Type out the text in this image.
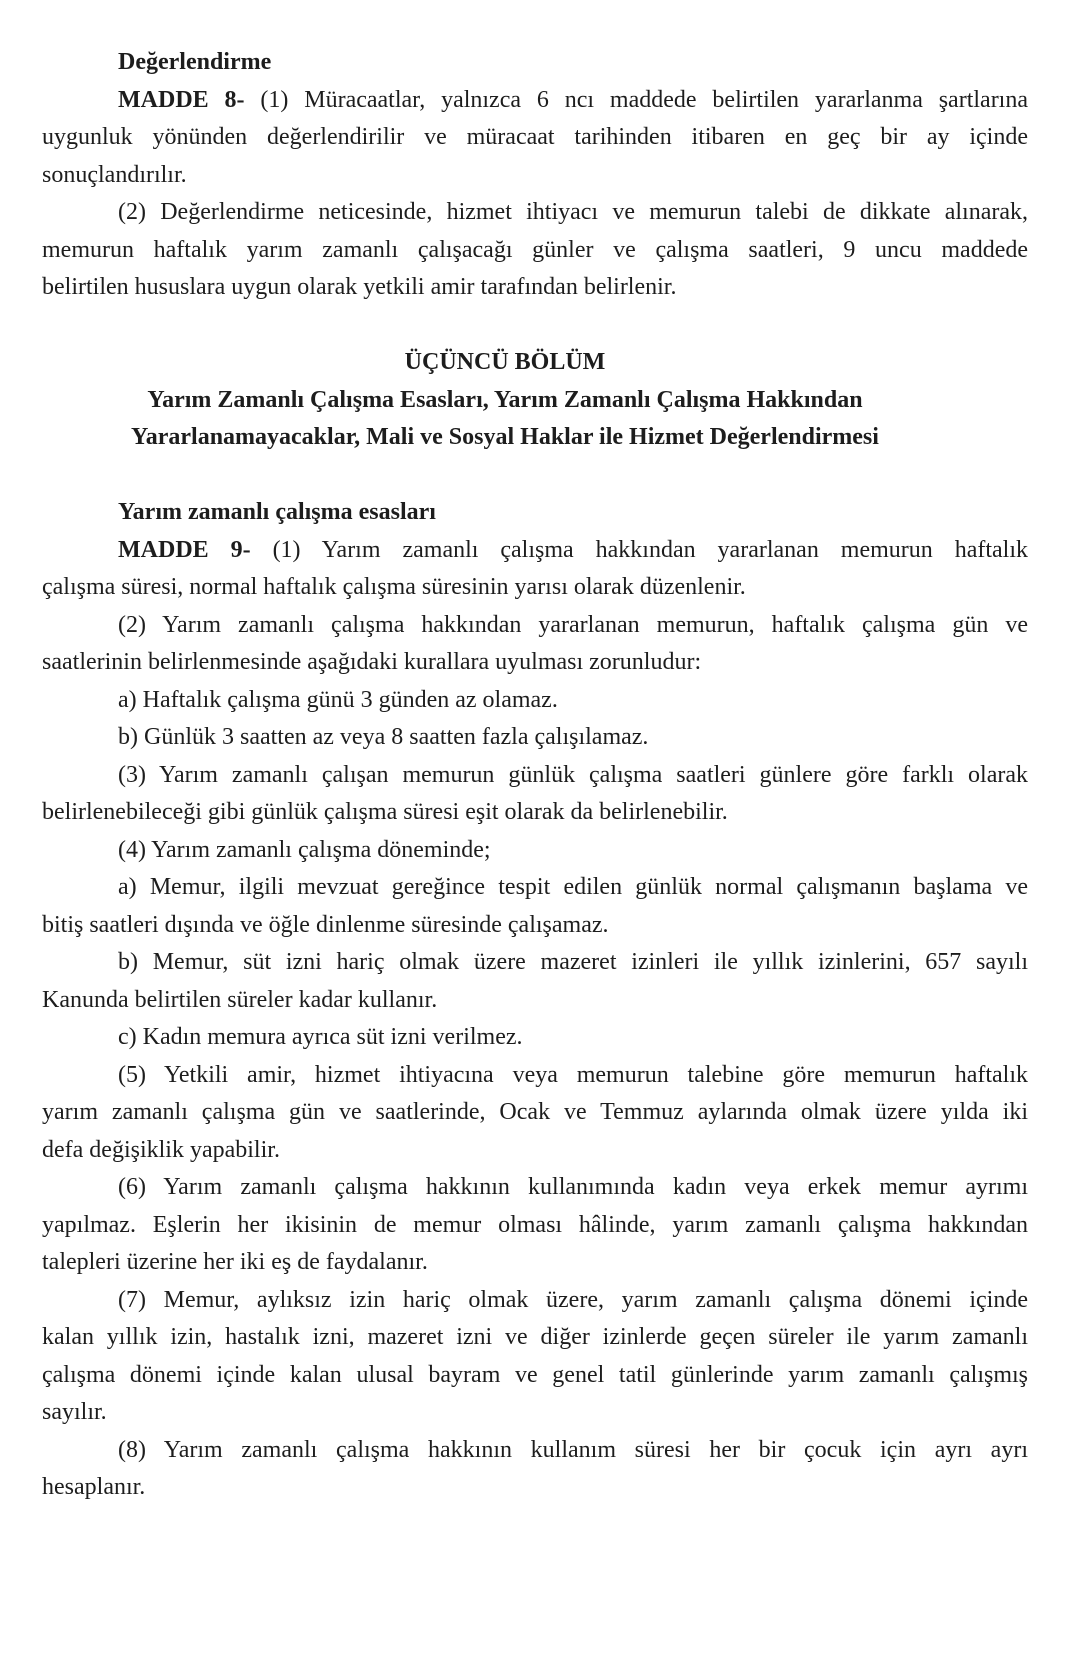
Değerlendirme
MADDE 8- (1) Müracaatlar, yalnızca 6 ncı maddede belirtilen yararlanma şartlarına
uygunluk yönünden değerlendirilir ve müracaat tarihinden itibaren en geç bir ay içinde
sonuçlandırılır.
(2) Değerlendirme neticesinde, hizmet ihtiyacı ve memurun talebi de dikkate alınarak,
memurun haftalık yarım zamanlı çalışacağı günler ve çalışma saatleri, 9 uncu maddede
belirtilen hususlara uygun olarak yetkili amir tarafından belirlenir.
ÜÇÜNCÜ BÖLÜM
Yarım Zamanlı Çalışma Esasları, Yarım Zamanlı Çalışma Hakkından
Yararlanamayacaklar, Mali ve Sosyal Haklar ile Hizmet Değerlendirmesi
Yarım zamanlı çalışma esasları
MADDE 9- (1) Yarım zamanlı çalışma hakkından yararlanan memurun haftalık
çalışma süresi, normal haftalık çalışma süresinin yarısı olarak düzenlenir.
(2) Yarım zamanlı çalışma hakkından yararlanan memurun, haftalık çalışma gün ve
saatlerinin belirlenmesinde aşağıdaki kurallara uyulması zorunludur:
a) Haftalık çalışma günü 3 günden az olamaz.
b) Günlük 3 saatten az veya 8 saatten fazla çalışılamaz.
(3) Yarım zamanlı çalışan memurun günlük çalışma saatleri günlere göre farklı olarak
belirlenebileceği gibi günlük çalışma süresi eşit olarak da belirlenebilir.
(4) Yarım zamanlı çalışma döneminde;
a) Memur, ilgili mevzuat gereğince tespit edilen günlük normal çalışmanın başlama ve
bitiş saatleri dışında ve öğle dinlenme süresinde çalışamaz.
b) Memur, süt izni hariç olmak üzere mazeret izinleri ile yıllık izinlerini, 657 sayılı
Kanunda belirtilen süreler kadar kullanır.
c) Kadın memura ayrıca süt izni verilmez.
(5) Yetkili amir, hizmet ihtiyacına veya memurun talebine göre memurun haftalık
yarım zamanlı çalışma gün ve saatlerinde, Ocak ve Temmuz aylarında olmak üzere yılda iki
defa değişiklik yapabilir.
(6) Yarım zamanlı çalışma hakkının kullanımında kadın veya erkek memur ayrımı
yapılmaz. Eşlerin her ikisinin de memur olması hâlinde, yarım zamanlı çalışma hakkından
talepleri üzerine her iki eş de faydalanır.
(7) Memur, aylıksız izin hariç olmak üzere, yarım zamanlı çalışma dönemi içinde
kalan yıllık izin, hastalık izni, mazeret izni ve diğer izinlerde geçen süreler ile yarım zamanlı
çalışma dönemi içinde kalan ulusal bayram ve genel tatil günlerinde yarım zamanlı çalışmış
sayılır.
(8) Yarım zamanlı çalışma hakkının kullanım süresi her bir çocuk için ayrı ayrı
hesaplanır.
